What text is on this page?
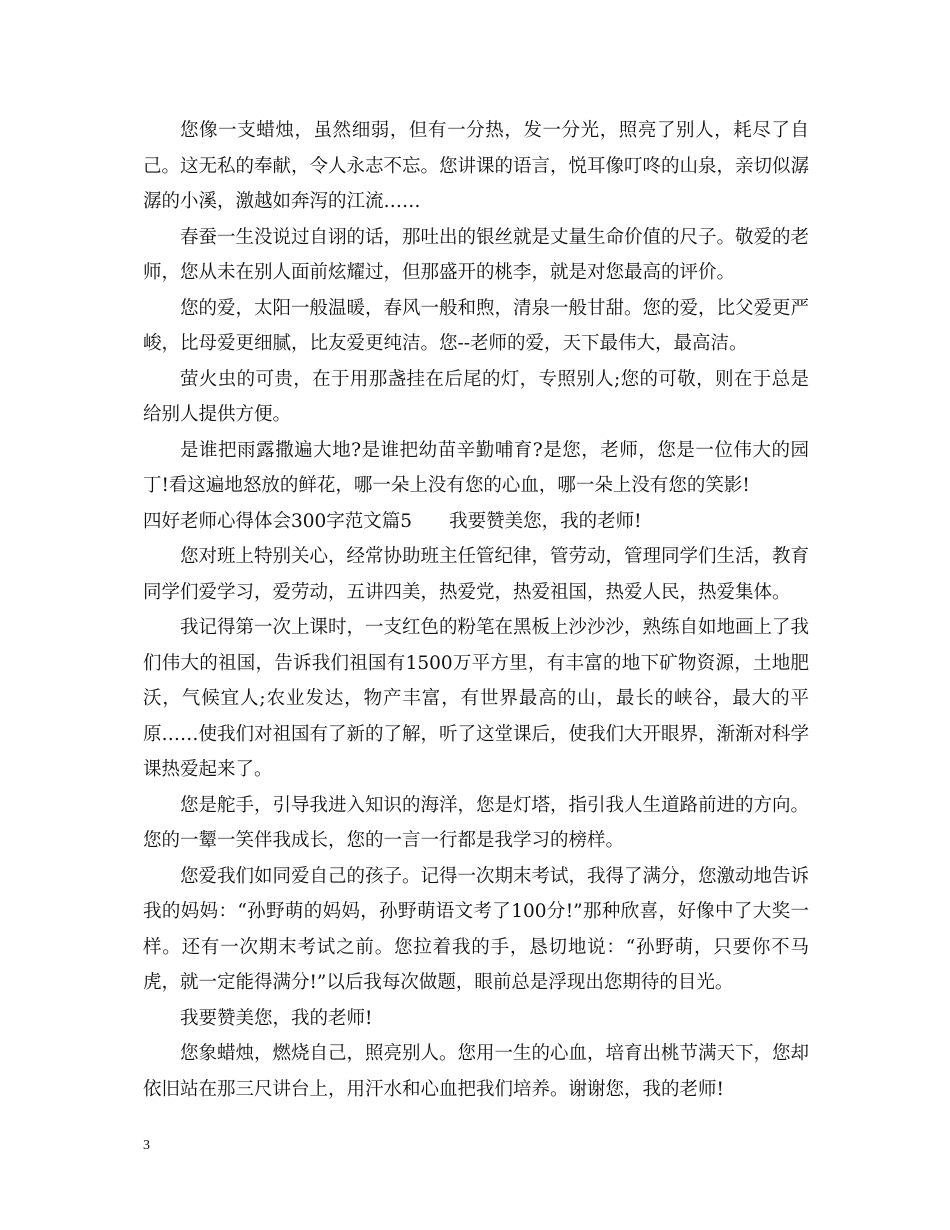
您像一支蜡烛，虽然细弱，但有一分热，发一分光，照亮了别人，耗尽了自己。这无私的奉献，令人永志不忘。您讲课的语言，悦耳像叮咚的山泉，亲切似潺潺的小溪，激越如奔泻的江流……

春蚕一生没说过自诩的话，那吐出的银丝就是丈量生命价值的尺子。敬爱的老师，您从未在别人面前炫耀过，但那盛开的桃李，就是对您最高的评价。

您的爱，太阳一般温暖，春风一般和煦，清泉一般甘甜。您的爱，比父爱更严峻，比母爱更细腻，比友爱更纯洁。您--老师的爱，天下最伟大，最高洁。

萤火虫的可贵，在于用那盏挂在后尾的灯，专照别人;您的可敬，则在于总是给别人提供方便。

是谁把雨露撒遍大地?是谁把幼苗辛勤哺育?是您，老师，您是一位伟大的园丁!看这遍地怒放的鲜花，哪一朵上没有您的心血，哪一朵上没有您的笑影!

四好老师心得体会300字范文篇5　　我要赞美您，我的老师!

您对班上特别关心，经常协助班主任管纪律，管劳动，管理同学们生活，教育同学们爱学习，爱劳动，五讲四美，热爱党，热爱祖国，热爱人民，热爱集体。

我记得第一次上课时，一支红色的粉笔在黑板上沙沙沙，熟练自如地画上了我们伟大的祖国，告诉我们祖国有1500万平方里，有丰富的地下矿物资源，土地肥沃，气候宜人;农业发达，物产丰富，有世界最高的山，最长的峡谷，最大的平原……使我们对祖国有了新的了解，听了这堂课后，使我们大开眼界，渐渐对科学课热爱起来了。

您是舵手，引导我进入知识的海洋，您是灯塔，指引我人生道路前进的方向。您的一颦一笑伴我成长，您的一言一行都是我学习的榜样。

您爱我们如同爱自己的孩子。记得一次期末考试，我得了满分，您激动地告诉我的妈妈：“孙野萌的妈妈，孙野萌语文考了100分!”那种欣喜，好像中了大奖一样。还有一次期末考试之前。您拉着我的手，恳切地说：“孙野萌，只要你不马虎，就一定能得满分!”以后我每次做题，眼前总是浮现出您期待的目光。

我要赞美您，我的老师!

您象蜡烛，燃烧自己，照亮别人。您用一生的心血，培育出桃节满天下，您却依旧站在那三尺讲台上，用汗水和心血把我们培养。谢谢您，我的老师!

3
